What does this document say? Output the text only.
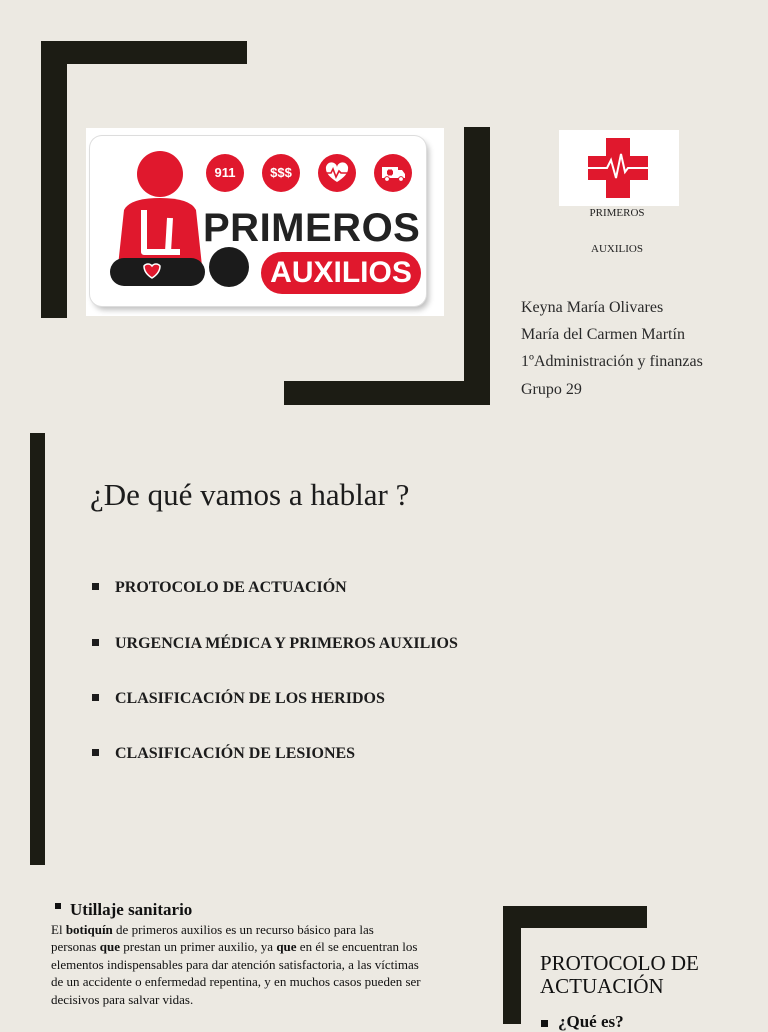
911	$$$
PRIMEROS
AUXILIOS
PRIMEROS
AUXILIOS
Keyna María Olivares
María del Carmen Martín
1ºAdministración y finanzas
Grupo 29
¿De qué vamos a hablar ?
PROTOCOLO DE ACTUACIÓN
URGENCIA MÉDICA Y PRIMEROS AUXILIOS
CLASIFICACIÓN DE LOS HERIDOS
CLASIFICACIÓN DE LESIONES
Utillaje sanitario
El botiquín de primeros auxilios es un recurso básico para las personas que prestan un primer auxilio, ya que en él se encuentran los elementos indispensables para dar atención satisfactoria, a las víctimas de un accidente o enfermedad repentina, y en muchos casos pueden ser decisivos para salvar vidas.
PROTOCOLO DE
ACTUACIÓN
¿Qué es?
